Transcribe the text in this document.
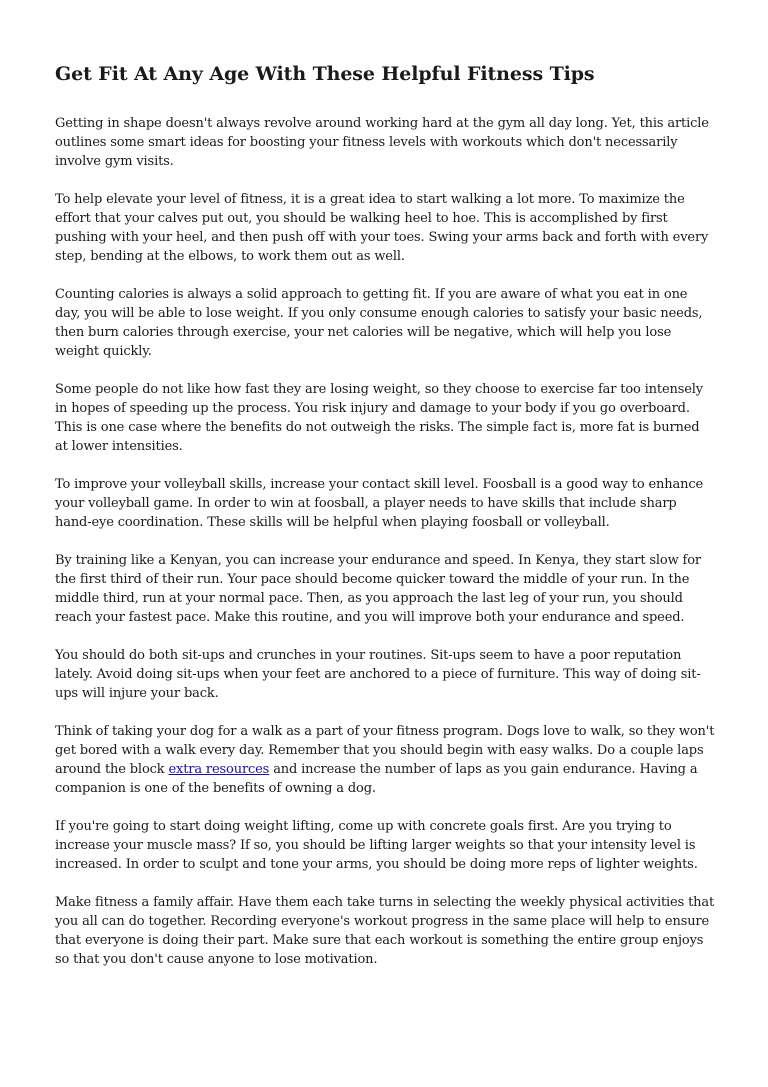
Get Fit At Any Age With These Helpful Fitness Tips

Getting in shape doesn't always revolve around working hard at the gym all day long. Yet, this article outlines some smart ideas for boosting your fitness levels with workouts which don't necessarily involve gym visits.

To help elevate your level of fitness, it is a great idea to start walking a lot more. To maximize the effort that your calves put out, you should be walking heel to hoe. This is accomplished by first pushing with your heel, and then push off with your toes. Swing your arms back and forth with every step, bending at the elbows, to work them out as well.

Counting calories is always a solid approach to getting fit. If you are aware of what you eat in one day, you will be able to lose weight. If you only consume enough calories to satisfy your basic needs, then burn calories through exercise, your net calories will be negative, which will help you lose weight quickly.

Some people do not like how fast they are losing weight, so they choose to exercise far too intensely in hopes of speeding up the process. You risk injury and damage to your body if you go overboard. This is one case where the benefits do not outweigh the risks. The simple fact is, more fat is burned at lower intensities.

To improve your volleyball skills, increase your contact skill level. Foosball is a good way to enhance your volleyball game. In order to win at foosball, a player needs to have skills that include sharp hand-eye coordination. These skills will be helpful when playing foosball or volleyball.

By training like a Kenyan, you can increase your endurance and speed. In Kenya, they start slow for the first third of their run. Your pace should become quicker toward the middle of your run. In the middle third, run at your normal pace. Then, as you approach the last leg of your run, you should reach your fastest pace. Make this routine, and you will improve both your endurance and speed.

You should do both sit-ups and crunches in your routines. Sit-ups seem to have a poor reputation lately. Avoid doing sit-ups when your feet are anchored to a piece of furniture. This way of doing sit-ups will injure your back.

Think of taking your dog for a walk as a part of your fitness program. Dogs love to walk, so they won't get bored with a walk every day. Remember that you should begin with easy walks. Do a couple laps around the block extra resources and increase the number of laps as you gain endurance. Having a companion is one of the benefits of owning a dog.

If you're going to start doing weight lifting, come up with concrete goals first. Are you trying to increase your muscle mass? If so, you should be lifting larger weights so that your intensity level is increased. In order to sculpt and tone your arms, you should be doing more reps of lighter weights.

Make fitness a family affair. Have them each take turns in selecting the weekly physical activities that you all can do together. Recording everyone's workout progress in the same place will help to ensure that everyone is doing their part. Make sure that each workout is something the entire group enjoys so that you don't cause anyone to lose motivation.
